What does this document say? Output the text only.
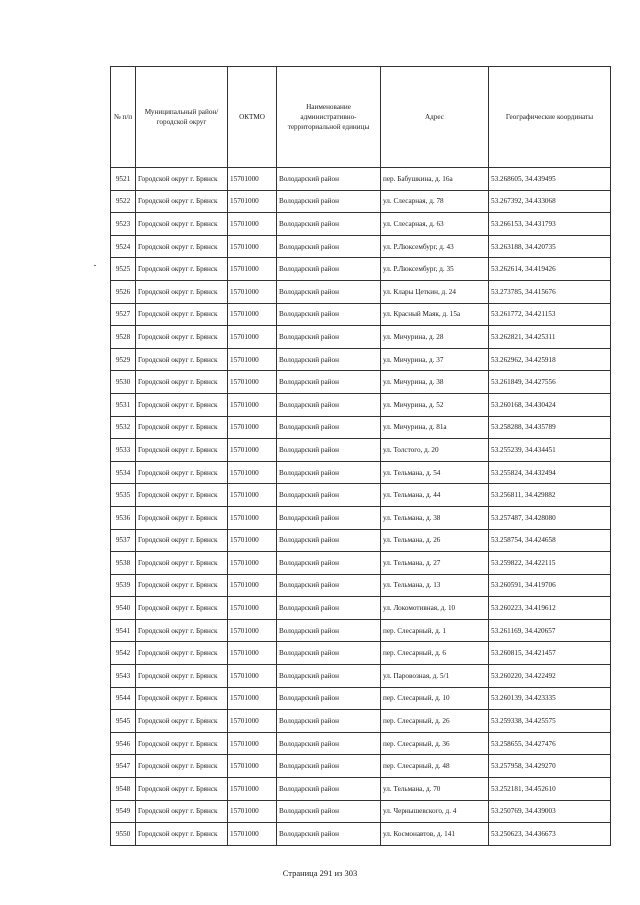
№ п/п	Муниципальный район/городской округ	ОКТМО	Наименование административно-территориальной единицы	Адрес	Географические координаты
9521	Городской округ г. Брянск	15701000	Володарский район	пер. Бабушкина, д. 16а	53.268605, 34.439495
9522	Городской округ г. Брянск	15701000	Володарский район	ул. Слесарная, д. 78	53.267392, 34.433068
9523	Городской округ г. Брянск	15701000	Володарский район	ул. Слесарная, д. 63	53.266153, 34.431793
9524	Городской округ г. Брянск	15701000	Володарский район	ул. Р.Люксембург, д. 43	53.263188, 34.420735
9525	Городской округ г. Брянск	15701000	Володарский район	ул. Р.Люксембург, д. 35	53.262614, 34.419426
9526	Городской округ г. Брянск	15701000	Володарский район	ул. Клары Цеткин, д. 24	53.273785, 34.415676
9527	Городской округ г. Брянск	15701000	Володарский район	ул. Красный Маяк, д. 15а	53.261772, 34.421153
9528	Городской округ г. Брянск	15701000	Володарский район	ул. Мичурина, д. 28	53.262821, 34.425311
9529	Городской округ г. Брянск	15701000	Володарский район	ул. Мичурина, д. 37	53.262962, 34.425918
9530	Городской округ г. Брянск	15701000	Володарский район	ул. Мичурина, д. 38	53.261849, 34.427556
9531	Городской округ г. Брянск	15701000	Володарский район	ул. Мичурина, д. 52	53.260168, 34.430424
9532	Городской округ г. Брянск	15701000	Володарский район	ул. Мичурина, д. 81а	53.258288, 34.435789
9533	Городской округ г. Брянск	15701000	Володарский район	ул. Толстого, д. 20	53.255239, 34.434451
9534	Городской округ г. Брянск	15701000	Володарский район	ул. Тельмана, д. 54	53.255824, 34.432494
9535	Городской округ г. Брянск	15701000	Володарский район	ул. Тельмана, д. 44	53.256811, 34.429882
9536	Городской округ г. Брянск	15701000	Володарский район	ул. Тельмана, д. 38	53.257487, 34.428080
9537	Городской округ г. Брянск	15701000	Володарский район	ул. Тельмана, д. 26	53.258754, 34.424658
9538	Городской округ г. Брянск	15701000	Володарский район	ул. Тельмана, д. 27	53.259822, 34.422115
9539	Городской округ г. Брянск	15701000	Володарский район	ул. Тельмана, д. 13	53.260591, 34.419706
9540	Городской округ г. Брянск	15701000	Володарский район	ул. Локомотивная, д. 10	53.260223, 34.419612
9541	Городской округ г. Брянск	15701000	Володарский район	пер. Слесарный, д. 1	53.261169, 34.420657
9542	Городской округ г. Брянск	15701000	Володарский район	пер. Слесарный, д. 6	53.260815, 34.421457
9543	Городской округ г. Брянск	15701000	Володарский район	ул. Паровозная, д. 5/1	53.260220, 34.422492
9544	Городской округ г. Брянск	15701000	Володарский район	пер. Слесарный, д. 10	53.260139, 34.423335
9545	Городской округ г. Брянск	15701000	Володарский район	пер. Слесарный, д. 26	53.259338, 34.425575
9546	Городской округ г. Брянск	15701000	Володарский район	пер. Слесарный, д. 36	53.258655, 34.427476
9547	Городской округ г. Брянск	15701000	Володарский район	пер. Слесарный, д. 48	53.257958, 34.429270
9548	Городской округ г. Брянск	15701000	Володарский район	ул. Тельмана, д. 70	53.252181, 34.452610
9549	Городской округ г. Брянск	15701000	Володарский район	ул. Чернышевского, д. 4	53.250769, 34.439003
9550	Городской округ г. Брянск	15701000	Володарский район	ул. Космонавтов, д. 141	53.250623, 34.436673
Страница 291 из 303
